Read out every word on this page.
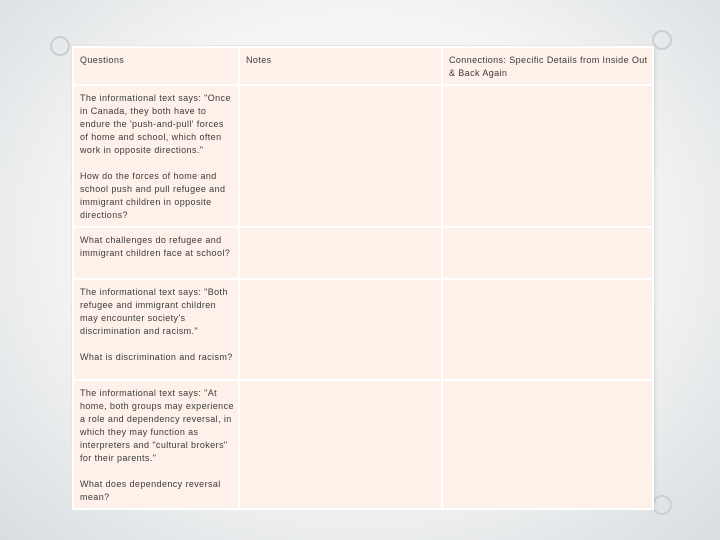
Questions	Notes	Connections: Specific Details from Inside Out & Back Again

The informational text says: "Once in Canada, they both have to endure the 'push-and-pull' forces of home and school, which often work in opposite directions."
How do the forces of home and school push and pull refugee and immigrant children in opposite directions?		

What challenges do refugee and immigrant children face at school?		

The informational text says: "Both refugee and immigrant children may encounter society's discrimination and racism."
What is discrimination and racism?		

The informational text says: "At home, both groups may experience a role and dependency reversal, in which they may function as interpreters and "cultural brokers" for their parents."
What does dependency reversal mean?		
